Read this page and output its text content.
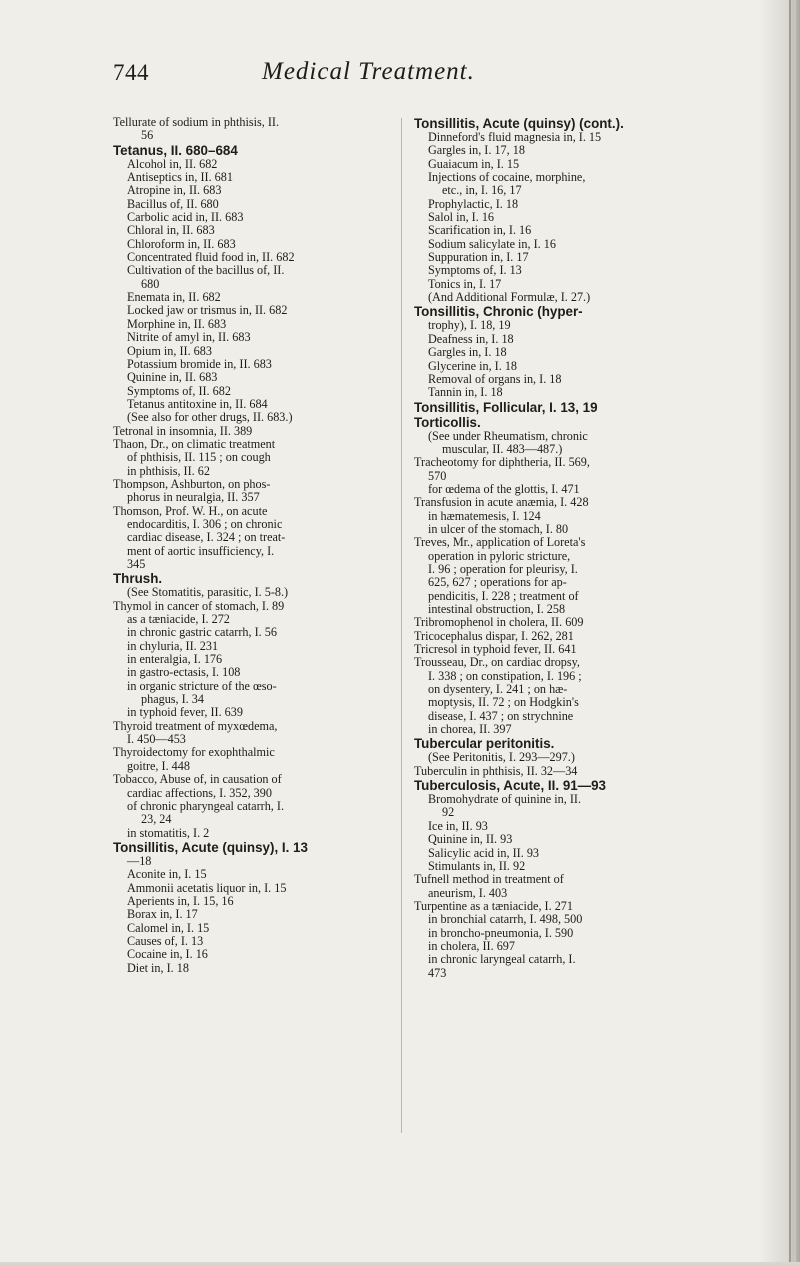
744	Medical Treatment.
Tellurate of sodium in phthisis, II.
56
Tetanus, II. 680–684
Alcohol in, II. 682
Antiseptics in, II. 681
Atropine in, II. 683
Bacillus of, II. 680
Carbolic acid in, II. 683
Chloral in, II. 683
Chloroform in, II. 683
Concentrated fluid food in, II. 682
Cultivation of the bacillus of, II.
680
Enemata in, II. 682
Locked jaw or trismus in, II. 682
Morphine in, II. 683
Nitrite of amyl in, II. 683
Opium in, II. 683
Potassium bromide in, II. 683
Quinine in, II. 683
Symptoms of, II. 682
Tetanus antitoxine in, II. 684
(See also for other drugs, II. 683.)
Tetronal in insomnia, II. 389
Thaon, Dr., on climatic treatment
of phthisis, II. 115 ; on cough
in phthisis, II. 62
Thompson, Ashburton, on phos-
phorus in neuralgia, II. 357
Thomson, Prof. W. H., on acute
endocarditis, I. 306 ; on chronic
cardiac disease, I. 324 ; on treat-
ment of aortic insufficiency, I.
345
Thrush.
(See Stomatitis, parasitic, I. 5-8.)
Thymol in cancer of stomach, I. 89
as a tæniacide, I. 272
in chronic gastric catarrh, I. 56
in chyluria, II. 231
in enteralgia, I. 176
in gastro-ectasis, I. 108
in organic stricture of the œso-
phagus, I. 34
in typhoid fever, II. 639
Thyroid treatment of myxœdema,
I. 450—453
Thyroidectomy for exophthalmic
goitre, I. 448
Tobacco, Abuse of, in causation of
cardiac affections, I. 352, 390
of chronic pharyngeal catarrh, I.
23, 24
in stomatitis, I. 2
Tonsillitis, Acute (quinsy), I. 13
—18
Aconite in, I. 15
Ammonii acetatis liquor in, I. 15
Aperients in, I. 15, 16
Borax in, I. 17
Calomel in, I. 15
Causes of, I. 13
Cocaine in, I. 16
Diet in, I. 18
Tonsillitis, Acute (quinsy) (cont.).
Dinneford's fluid magnesia in, I. 15
Gargles in, I. 17, 18
Guaiacum in, I. 15
Injections of cocaine, morphine,
etc., in, I. 16, 17
Prophylactic, I. 18
Salol in, I. 16
Scarification in, I. 16
Sodium salicylate in, I. 16
Suppuration in, I. 17
Symptoms of, I. 13
Tonics in, I. 17
(And Additional Formulæ, I. 27.)
Tonsillitis, Chronic (hyper-
trophy), I. 18, 19
Deafness in, I. 18
Gargles in, I. 18
Glycerine in, I. 18
Removal of organs in, I. 18
Tannin in, I. 18
Tonsillitis, Follicular, I. 13, 19
Torticollis.
(See under Rheumatism, chronic
muscular, II. 483—487.)
Tracheotomy for diphtheria, II. 569,
570
for œdema of the glottis, I. 471
Transfusion in acute anæmia, I. 428
in hæmatemesis, I. 124
in ulcer of the stomach, I. 80
Treves, Mr., application of Loreta's
operation in pyloric stricture,
I. 96 ; operation for pleurisy, I.
625, 627 ; operations for ap-
pendicitis, I. 228 ; treatment of
intestinal obstruction, I. 258
Tribromophenol in cholera, II. 609
Tricocephalus dispar, I. 262, 281
Tricresol in typhoid fever, II. 641
Trousseau, Dr., on cardiac dropsy,
I. 338 ; on constipation, I. 196 ;
on dysentery, I. 241 ; on hæ-
moptysis, II. 72 ; on Hodgkin's
disease, I. 437 ; on strychnine
in chorea, II. 397
Tubercular peritonitis.
(See Peritonitis, I. 293—297.)
Tuberculin in phthisis, II. 32—34
Tuberculosis, Acute, II. 91—93
Bromohydrate of quinine in, II.
92
Ice in, II. 93
Quinine in, II. 93
Salicylic acid in, II. 93
Stimulants in, II. 92
Tufnell method in treatment of
aneurism, I. 403
Turpentine as a tæniacide, I. 271
in bronchial catarrh, I. 498, 500
in broncho-pneumonia, I. 590
in cholera, II. 697
in chronic laryngeal catarrh, I.
473
